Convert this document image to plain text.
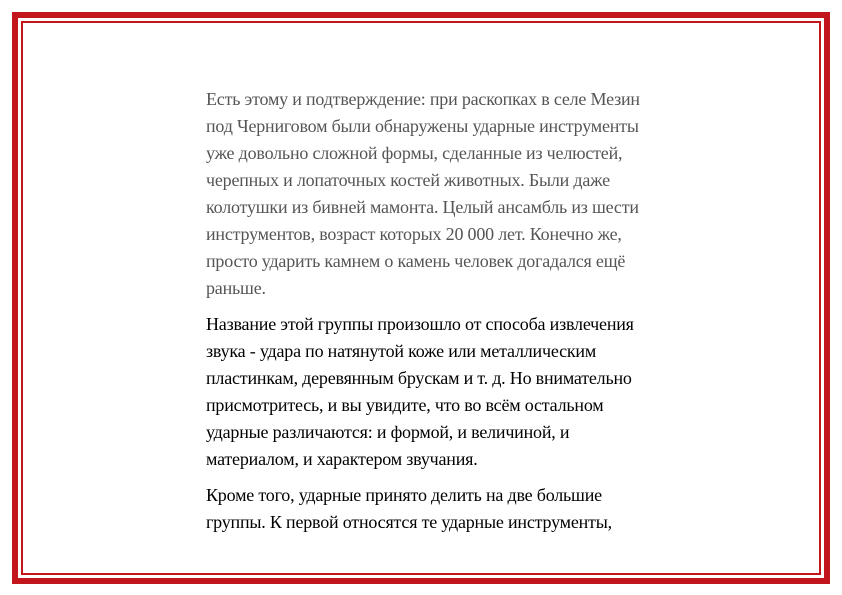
Есть этому и подтверждение: при раскопках в селе Мезин
под Черниговом были обнаружены ударные инструменты
уже довольно сложной формы, сделанные из челюстей,
черепных и лопаточных костей животных. Были даже
колотушки из бивней мамонта. Целый ансамбль из шести
инструментов, возраст которых 20 000 лет. Конечно же,
просто ударить камнем о камень человек догадался ещё
раньше.

Название этой группы произошло от способа извлечения
звука - удара по натянутой коже или металлическим
пластинкам, деревянным брускам и т. д. Но внимательно
присмотритесь, и вы увидите, что во всём остальном
ударные различаются: и формой, и величиной, и
материалом, и характером звучания.

Кроме того, ударные принято делить на две большие
группы. К первой относятся те ударные инструменты,
